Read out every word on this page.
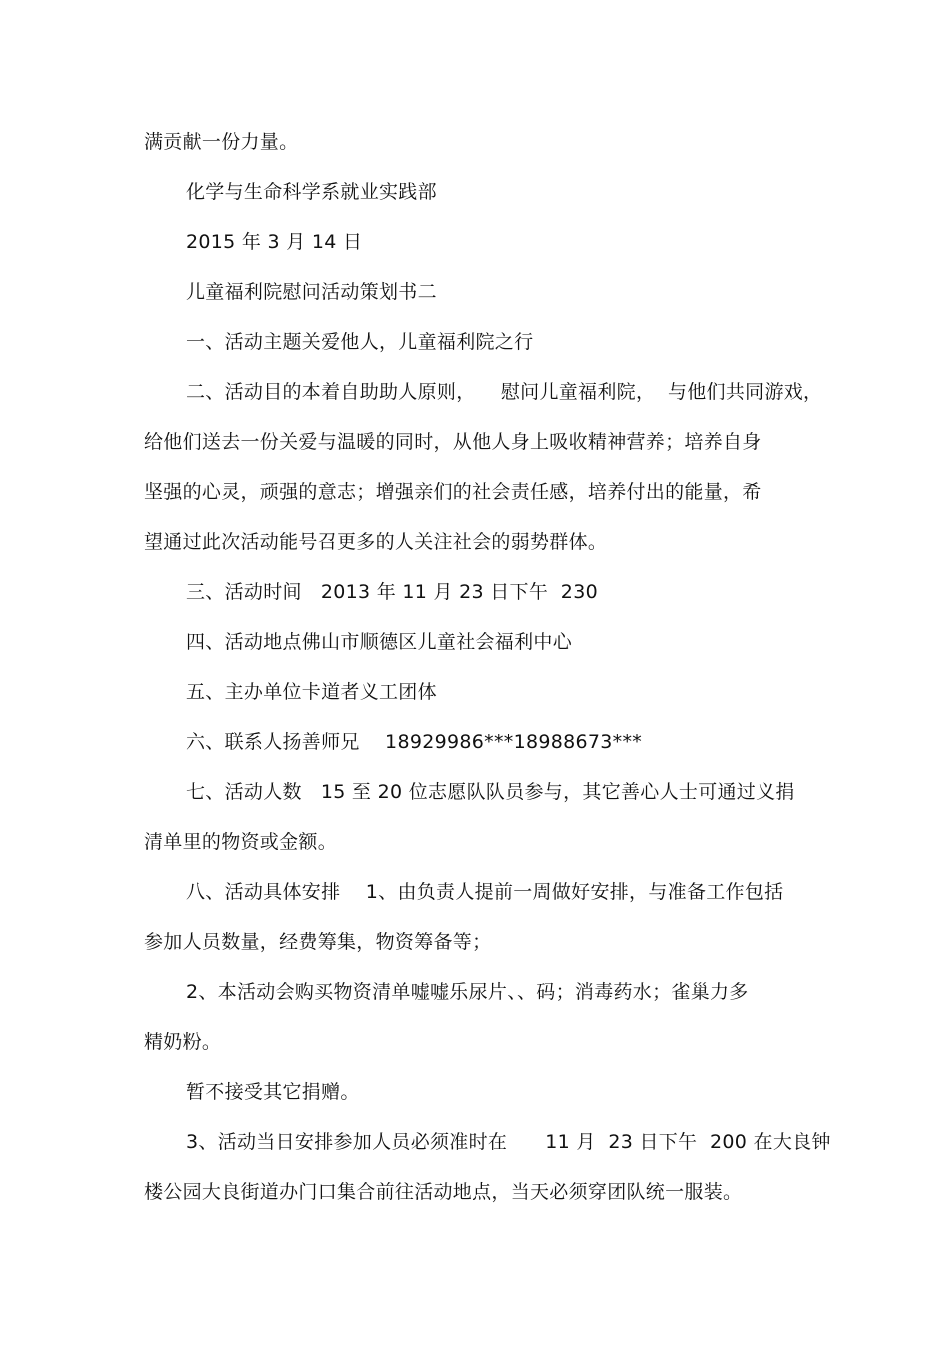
满贡献一份力量。
化学与生命科学系就业实践部
2015 年 3 月 14 日
儿童福利院慰问活动策划书二
一、活动主题关爱他人，儿童福利院之行
二、活动目的本着自助助人原则，    慰问儿童福利院，  与他们共同游戏，
给他们送去一份关爱与温暖的同时，从他人身上吸收精神营养；培养自身
坚强的心灵，顽强的意志；增强亲们的社会责任感，培养付出的能量，希
望通过此次活动能号召更多的人关注社会的弱势群体。
三、活动时间   2013 年 11 月 23 日下午  230
四、活动地点佛山市顺德区儿童社会福利中心
五、主办单位卡道者义工团体
六、联系人扬善师兄    18929986***18988673***
七、活动人数   15 至 20 位志愿队队员参与，其它善心人士可通过义捐
清单里的物资或金额。
八、活动具体安排    1、由负责人提前一周做好安排，与准备工作包括
参加人员数量，经费筹集，物资筹备等；
2、本活动会购买物资清单嘘嘘乐尿片、、码；消毒药水；雀巢力多
精奶粉。
暂不接受其它捐赠。
3、活动当日安排参加人员必须准时在      11 月  23 日下午  200 在大良钟
楼公园大良街道办门口集合前往活动地点，当天必须穿团队统一服装。
